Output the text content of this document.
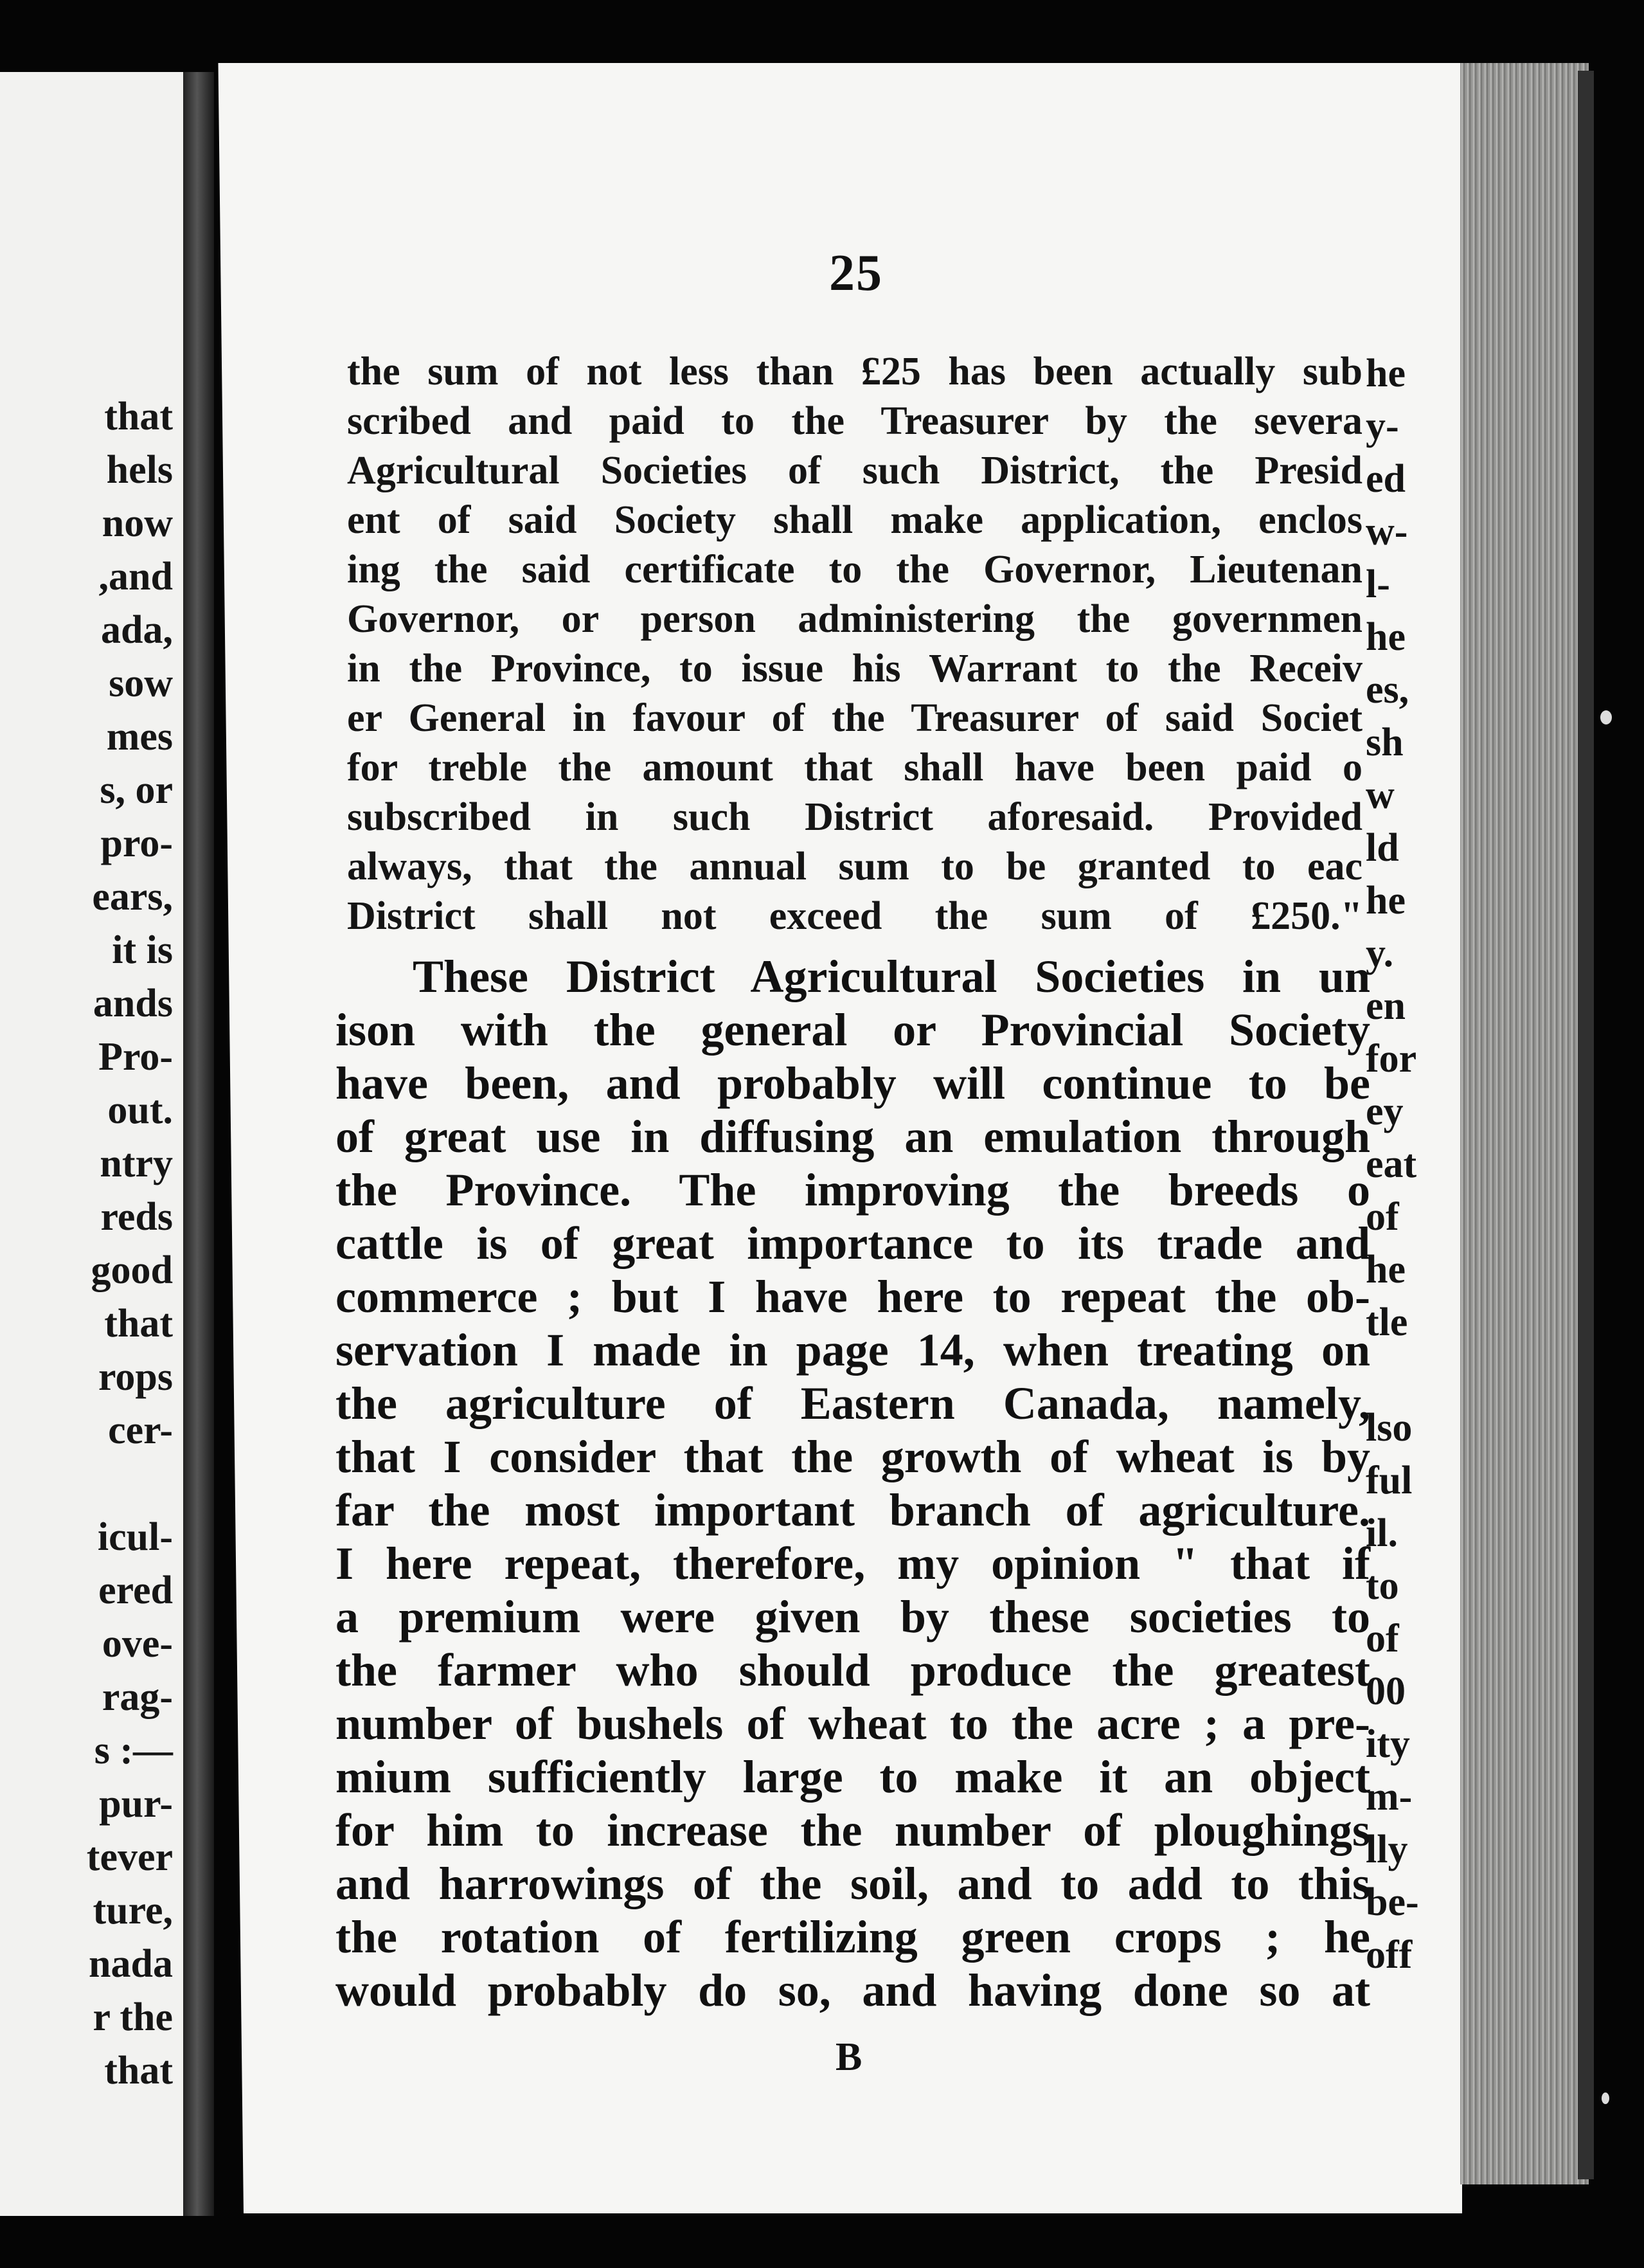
that
hels
now
,and
ada,
sow
mes
s, or
pro-
ears,
it is
ands
Pro-
out.
ntry
reds
good
that
rops
cer-

icul-
ered
ove-
rag-
s :—
pur-
tever
ture,
nada
r the
that
he
y-
ed
w-
l-
he
es,
sh
w
ld
he
y.
en
for
ey
eat
of
he
tle

lso
ful
il.
to
of
00
ity
m-
lly
be-
off
25
the sum of not less than £25 has been actually sub
scribed and paid to the Treasurer by the severa
Agricultural Societies of such District, the Presid
ent of said Society shall make application, enclos
ing the said certificate to the Governor, Lieutenan
Governor, or person administering the governmen
in the Province, to issue his Warrant to the Receiv
er General in favour of the Treasurer of said Societ
for treble the amount that shall have been paid o
subscribed in such District aforesaid. Provided
always, that the annual sum to be granted to eac
District shall not exceed the sum of £250."
These District Agricultural Societies in un
ison with the general or Provincial Society
have been, and probably will continue to be
of great use in diffusing an emulation through
the Province. The improving the breeds o
cattle is of great importance to its trade and
commerce ; but I have here to repeat the ob-
servation I made in page 14, when treating on
the agriculture of Eastern Canada, namely,
that I consider that the growth of wheat is by
far the most important branch of agriculture.
I here repeat, therefore, my opinion " that if
a premium were given by these societies to
the farmer who should produce the greatest
number of bushels of wheat to the acre ; a pre-
mium sufficiently large to make it an object
for him to increase the number of ploughings
and harrowings of the soil, and to add to this
the rotation of fertilizing green crops ; he
would probably do so, and having done so at
B
